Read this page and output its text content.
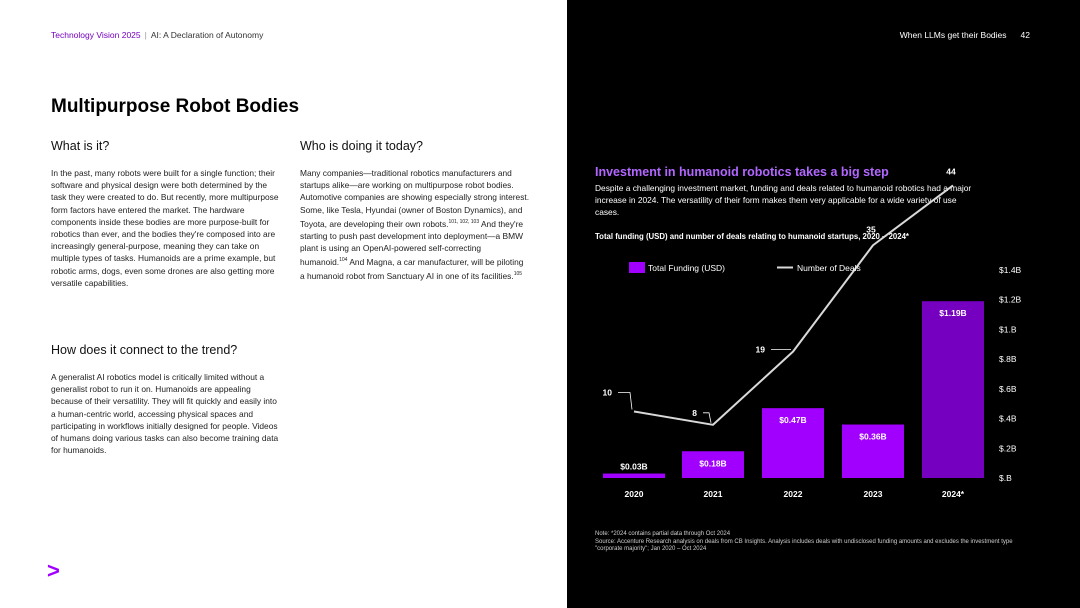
Technology Vision 2025 | AI: A Declaration of Autonomy
Multipurpose Robot Bodies
What is it?

In the past, many robots were built for a single function; their software and physical design were both determined by the task they were created to do. But recently, more multipurpose form factors have entered the market. The hardware components inside these bodies are more purpose-built for robotics than ever, and the bodies they're composed into are increasingly general-purpose, meaning they can take on multiple types of tasks. Humanoids are a prime example, but robotic arms, dogs, even some drones are also getting more versatile capabilities.

How does it connect to the trend?

A generalist AI robotics model is critically limited without a generalist robot to run it on. Humanoids are appealing because of their versatility. They will fit quickly and easily into a human-centric world, accessing physical spaces and participating in workflows initially designed for people. Videos of humans doing various tasks can also become training data for humanoids.

Who is doing it today?

Many companies—traditional robotics manufacturers and startups alike—are working on multipurpose robot bodies. Automotive companies are showing especially strong interest. Some, like Tesla, Hyundai (owner of Boston Dynamics), and Toyota, are developing their own robots.$^{101, 102, 103}$ And they're starting to push past development into deployment—a BMW plant is using an OpenAI-powered self-correcting humanoid.$^{104}$ And Magna, a car manufacturer, will be piloting a humanoid robot from Sanctuary AI in one of its facilities.$^{105}$

>
When LLMs get their Bodies 42
Investment in humanoid robotics takes a big step
Despite a challenging investment market, funding and deals related to humanoid robotics had a major increase in 2024. The versatility of their form makes them very applicable for a wide variety of use cases.
Total funding (USD) and number of deals relating to humanoid startups, 2020 – 2024*
$.B
$.2B
$.4B
$.6B
$.8B
$1.B
$1.2B
$1.4B
$0.03B	$0.18B
$0.47B
$0.36B
$1.19B
10
8
19
35
44
2020	2021	2022	2023	2024*
Total Funding (USD)	Number of Deals
Note: *2024 contains partial data through Oct 2024
Source: Accenture Research analysis on deals from CB Insights. Analysis includes deals with undisclosed funding amounts and excludes the investment type "corporate majority"; Jan 2020 – Oct 2024
